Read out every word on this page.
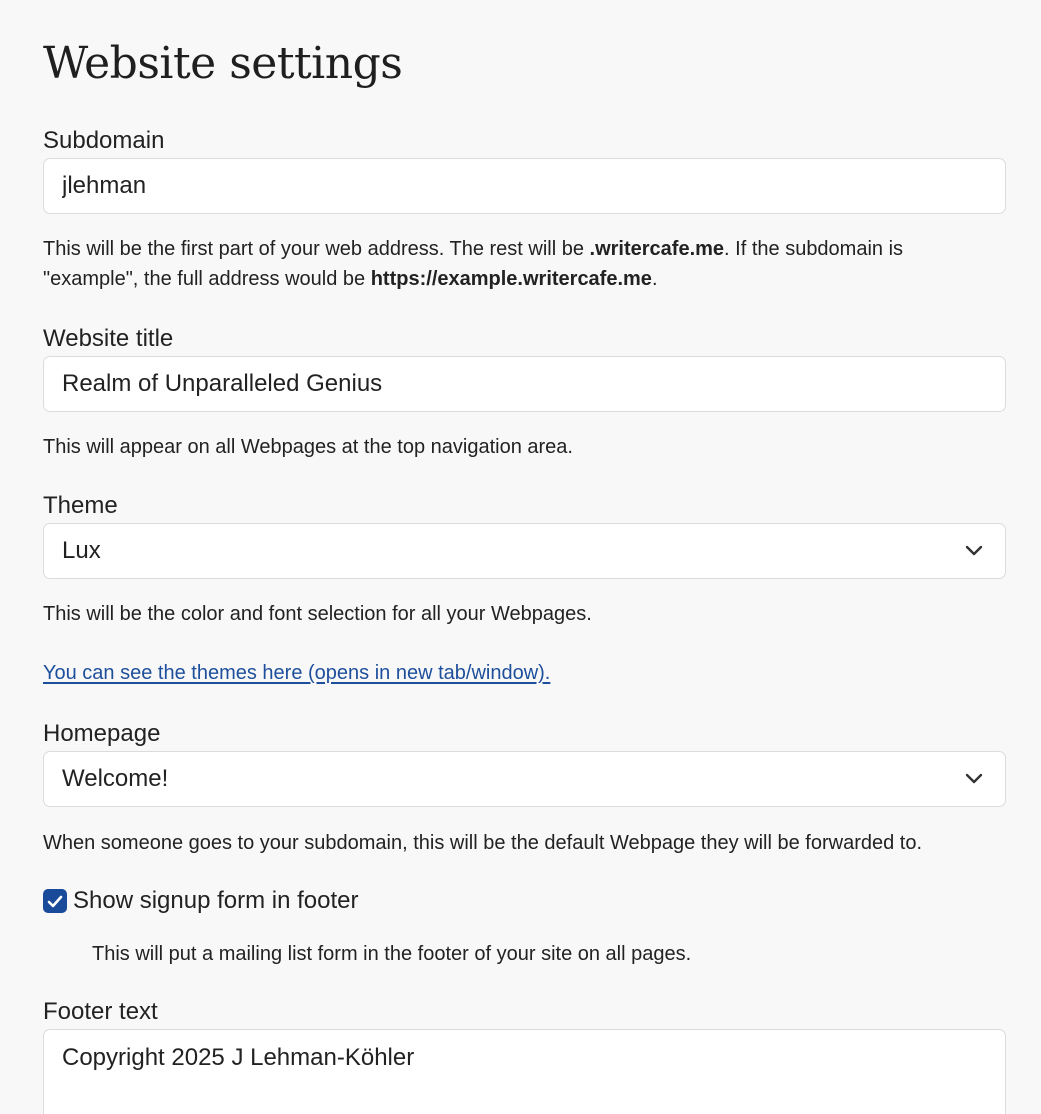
Website settings
Subdomain
jlehman
This will be the first part of your web address. The rest will be .writercafe.me. If the subdomain is "example", the full address would be https://example.writercafe.me.
Website title
Realm of Unparalleled Genius
This will appear on all Webpages at the top navigation area.
Theme
Lux
This will be the color and font selection for all your Webpages.
You can see the themes here (opens in new tab/window).
Homepage
Welcome!
When someone goes to your subdomain, this will be the default Webpage they will be forwarded to.
Show signup form in footer
This will put a mailing list form in the footer of your site on all pages.
Footer text
Copyright 2025 J Lehman-Köhler
